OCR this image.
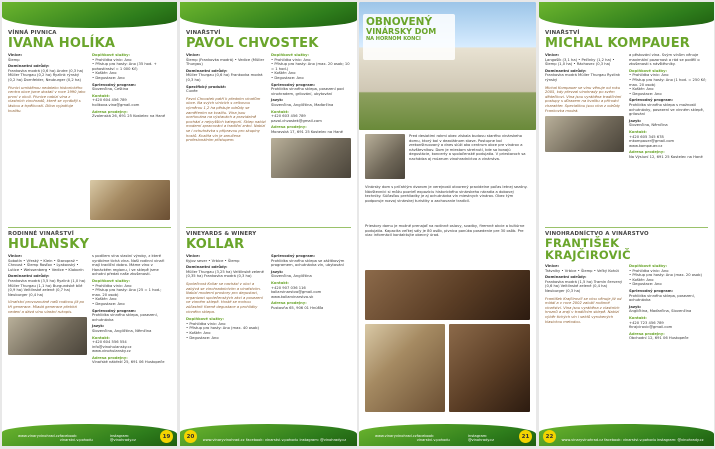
VÍNNÁ PIVNICA
IVANA HOLÍKA
Vinice:
Šlemp
Dominantní odrůdy:
Frankovka modrá (0,6 ha) Andre (0,3 ha) Müller Thurgau (0,2 ha) Ryzlink rýnský (0,2 ha) Dornfelder, Neuburger (0,2 ha)
Pivnici umístěnou nedaleko historického centra obce jsme dostali v roce 1990 jako první v okolí. Pivnice nabízí vína z vlastních vinohradů, které se vyrábějí s láskou a trpělivostí. Dílna vyjadřuje kvalitu.
Doplňkové služby:
• Prohlídka vinic: Ano
• Přístup pro hosty: Ano (35 hod. + pohostinství = 1 000 Kč)
• Koštér: Ano
• Degustace: Ano
Sprievodný program:
Slovenčina, Čeština
Kontakt:
+420 604 456 789
holikova.vina@gmail.com
Adresa prodejny:
Zvolenská 26, 691 25 Kostelec na Hané
RODINNÉ VINAŘSTVÍ
HULANSKY
Vinice:
Sobotín • Vřeský • Klein • Staropraž • Chroust • Šlemp Rosťov • Lyakovský • Lutice • Weissenberg • Vedice • Kloborín
Dominantní odrůdy:
Frankovka modrá (3,5 ha) Ryzlink (1,0 ha) Müller Thurgau (1,1 ha) Burgundské bílé (0,9 ha) Veltlínské zelené (0,7 ha) Neuburger (0,4 ha)
Vinařství provozováné naší rodinou již po tři generace. Mladá generace přebírá vedení a dává vínu vlastní rukopis.
s podílem vína vlastní výroby, z které vyrábíme tichá vína. Naši rodinní vinaři mají tradiční dobro. Máme víno v Hanáckém regionu, i ve sklepě jsme ochotni předat naše zkušenosti.
Doplňkové služby:
• Prohlídka vinic: Ano
• Přístup pro hosty: Ano (25 = 1 hod.; max. 20 osob)
• Koštér: Ano
• Degustace: Ano
Sprievodný program:
Prohlídka vinného sklepa, posezení, ochutnávka
Jazyk:
Slovenčina, Angličtina, Němčina
Kontakt:
+420 604 556 554
info@vinohulansky.cz
www.vinohulansky.cz
Adresa prodejny:
Vinařské nábřeží 25, 691 06 Hustopeče
www.vinaryvinohrad.cz facebook: vinarstvi.v.pohodu
instagram: @vinohrady.cz
19
VINAŘSTVÍ
PAVOL CHVOSTEK
Vinice:
Šlemp (Frankovka modrá) • Vedice (Müller Thurgau)
Dominantní odrůdy:
Müller Thurgau (0,6 ha) Frankovka modrá (0,3 ha)
Specifický produkt:
Cuvée
Pavol Chvostek patří k předním vinařům obce. Na svých vinicích s celkovou výměrou 1,2 ha pěstuje odrůdy se zaměřením na kvalitu. Vína jsou oceňována na výstavách a pravidelně pochází z nejvyšších kategorií. Sklep nabízí moderní zpracování a tradiční zrání. Nabízí se i ochutnávka s přípravou pro skupiny hostů. Kvalita vín je zaručena profesionálním přístupem.
Doplňkové služby:
• Prohlídka vinic: Ano
• Přístup pro hosty: Ano (max. 20 osob; 10 = 1 hod.)
• Koštér: Ano
• Degustace: Ano
Sprievodný program:
Prohlídka vinného sklepa, posezení pod vinohradem, grilování, ubytování
Jazyk:
Slovenčina, Angličtina, Maďarčina
Kontakt:
+420 603 456 789
pavol.chvostek@gmail.com
Adresa prodejny:
Moravská 17, 691 25 Kostelec na Hané
VINEYARDS & WINERY
KOLLAR
Vinice:
Kyjov sever • Vrbice • Šlemp
Dominantní odrůdy:
Müller Thurgau (3,25 ha) Veltlínské zelené (0,35 ha) Frankovka modrá (0,3 ha)
Společnost Kollar se nachází v obci a zabývá se vinohradnictvím a vinařstvím. Nabízí moderní prostory pro degustaci, organizaci společenských akcí a posezení ve vinném sklepě. Hosté se mohou zúčastnit řízené degustace a prohlídky vinného sklepa.
Doplňkové služby:
• Prohlídka vinic: Ano
• Přístup pro hosty: Ano (max. 40 osob)
• Koštér: Ano
• Degustace: Ano
Sprievodný program:
Prohlídka vinného sklepa se zážitkovým programem, ochutnávka vín, ubytování
Jazyk:
Slovenčina, Angličtina
Kontakt:
+420 907 036 116
kollarvinarstvo@gmail.com
www.kollarvinarstvo.sk
Adresa prodejny:
Pustovňa 65, 906 01 Hnúšťa
www.vinaryvinohrad.cz facebook: vinarstvi.v.pohodu instagram: @vinohrady.cz
20
OBNOVENÝ
VINÁRSKY DOM
NA HORNOM KONCI
Pred desiatimi rokmi obec získala budovu starého vinárskeho domu, ktorý bol v dezolátnom stave. Postupne bol zrekonštruovaný a dnes slúži ako centrum obce pre vinárov a návštevníkov. Dom je miestom stretnutí, kde sa konajú degustácie, koncerty a spoločenské podujatia. V priestoroch sa nachádza aj múzeum vinohradníctva a vinárstva.
Vinársky dom s priľahlým dvorom je verejnosti otvorený pravidelne počas letnej sezóny. Návštevníci si môžu pozrieť expozíciu historického vinárskeho náradia a dobovej techniky. Súčasťou prehliadky je aj ochutnávka vín miestnych vinárov. Obec tým podporuje rozvoj vinárskej turistiky a zachovanie tradícií.
Priestory domu je možné prenajať na rodinné oslavy, svadby, firemné akcie a kultúrne podujatia. Kapacita veľkej sály je 80 osôb, pivnica ponúka posedenie pre 30 osôb. Pre viac informácií kontaktujte obecný úrad.
www.vinaryvinohrad.cz facebook: vinarstvi.v.pohodu
instagram: @vinohrady.cz
21
VINAŘSTVÍ
MICHAL KOMPAUER
Vinice:
Langošík (3,1 ha) • Pečínky (1,2 ha) • Šlemp (1,0 ha) • Ráchovec (0,3 ha)
Dominantní odrůdy:
Frankovka modrá Müller Thurgau Ryzlink rýnský
Michal Kompauer se vínu věnuje od roku 2005, kdy převzal vinohrady po svém dědečkovi. Vína jsou vyráběna tradičními postupy s důrazem na kvalitu a přírodní charakter. Specialitou jsou vína z odrůdy Frankovka modrá.
a pěstování vína. Svým vínům věnuje maximální pozornost a rád se podělí o zkušenosti s návštěvníky.
Doplňkové služby:
• Prohlídka vinic: Ano
• Přístup pro hosty: Ano (1 hod. = 250 Kč; max. 20 osob)
• Koštér: Ano
• Degustace: Ano
Sprievodný program:
Prohlídka vinného sklepa s možností ochutnávky, posezení ve vinném sklepě, grilování
Jazyk:
Slovenčina, Němčina
Kontakt:
+420 605 345 678
mkompauer@gmail.com
www.kompauer.cz
Adresa prodejny:
Na Výsluní 12, 691 25 Kostelec na Hané
VINOHRADNÍCTVO A VINÁRSTVO
FRANTIŠEK KRAJČIROVIČ
Vinice:
Trávníky • Vrbice • Šlemp • Veľký Kohút
Dominantní odrůdy:
Frankovka modrá (1,5 ha) Tramín červený (0,6 ha) Veltlínské zelené (0,4 ha) Neuburger (0,3 ha)
František Krajčirovič se vínu věnuje již od mládí a v roce 2002 založil rodinné vinařství. Vína jsou vyráběna z vlastních hroznů a zrají v tradičním sklepě. Nabízí výběr tichých vín i sektů vyrobených klasickou metodou.
Doplňkové služby:
• Prohlídka vinic: Ano
• Přístup pro hosty: Ano (max. 20 osob)
• Koštér: Ano
• Degustace: Ano
Sprievodný program:
Prohlídka vinného sklepa, posezení, ochutnávka
Jazyk:
Angličtina, Maďarčina, Slovenčina
Kontakt:
+420 723 456 789
fkrajcirovic@gmail.com
Adresa prodejny:
Obchodní 12, 691 06 Hustopeče
www.vinaryvinohrad.cz facebook: vinarstvi.v.pohodu instagram: @vinohrady.cz
22
